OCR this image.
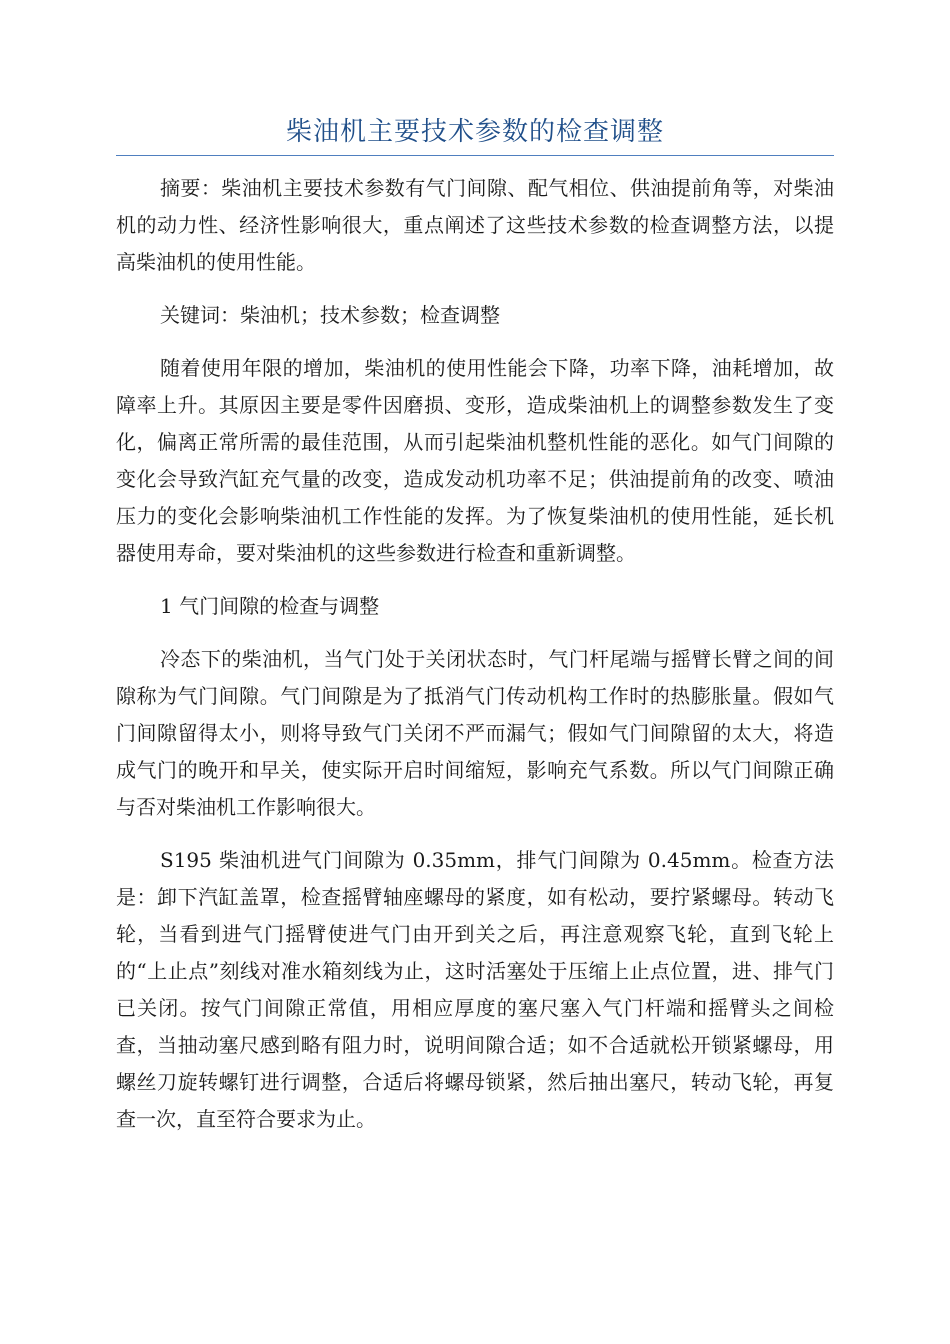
柴油机主要技术参数的检查调整

摘要：柴油机主要技术参数有气门间隙、配气相位、供油提前角等，对柴油机的动力性、经济性影响很大，重点阐述了这些技术参数的检查调整方法，以提高柴油机的使用性能。

关键词：柴油机；技术参数；检查调整

随着使用年限的增加，柴油机的使用性能会下降，功率下降，油耗增加，故障率上升。其原因主要是零件因磨损、变形，造成柴油机上的调整参数发生了变化，偏离正常所需的最佳范围，从而引起柴油机整机性能的恶化。如气门间隙的变化会导致汽缸充气量的改变，造成发动机功率不足；供油提前角的改变、喷油压力的变化会影响柴油机工作性能的发挥。为了恢复柴油机的使用性能，延长机器使用寿命，要对柴油机的这些参数进行检查和重新调整。

1 气门间隙的检查与调整

冷态下的柴油机，当气门处于关闭状态时，气门杆尾端与摇臂长臂之间的间隙称为气门间隙。气门间隙是为了抵消气门传动机构工作时的热膨胀量。假如气门间隙留得太小，则将导致气门关闭不严而漏气；假如气门间隙留的太大，将造成气门的晚开和早关，使实际开启时间缩短，影响充气系数。所以气门间隙正确与否对柴油机工作影响很大。

S195 柴油机进气门间隙为 0.35mm，排气门间隙为 0.45mm。检查方法是：卸下汽缸盖罩，检查摇臂轴座螺母的紧度，如有松动，要拧紧螺母。转动飞轮，当看到进气门摇臂使进气门由开到关之后，再注意观察飞轮，直到飞轮上的“上止点”刻线对准水箱刻线为止，这时活塞处于压缩上止点位置，进、排气门已关闭。按气门间隙正常值，用相应厚度的塞尺塞入气门杆端和摇臂头之间检查，当抽动塞尺感到略有阻力时，说明间隙合适；如不合适就松开锁紧螺母，用螺丝刀旋转螺钉进行调整，合适后将螺母锁紧，然后抽出塞尺，转动飞轮，再复查一次，直至符合要求为止。
